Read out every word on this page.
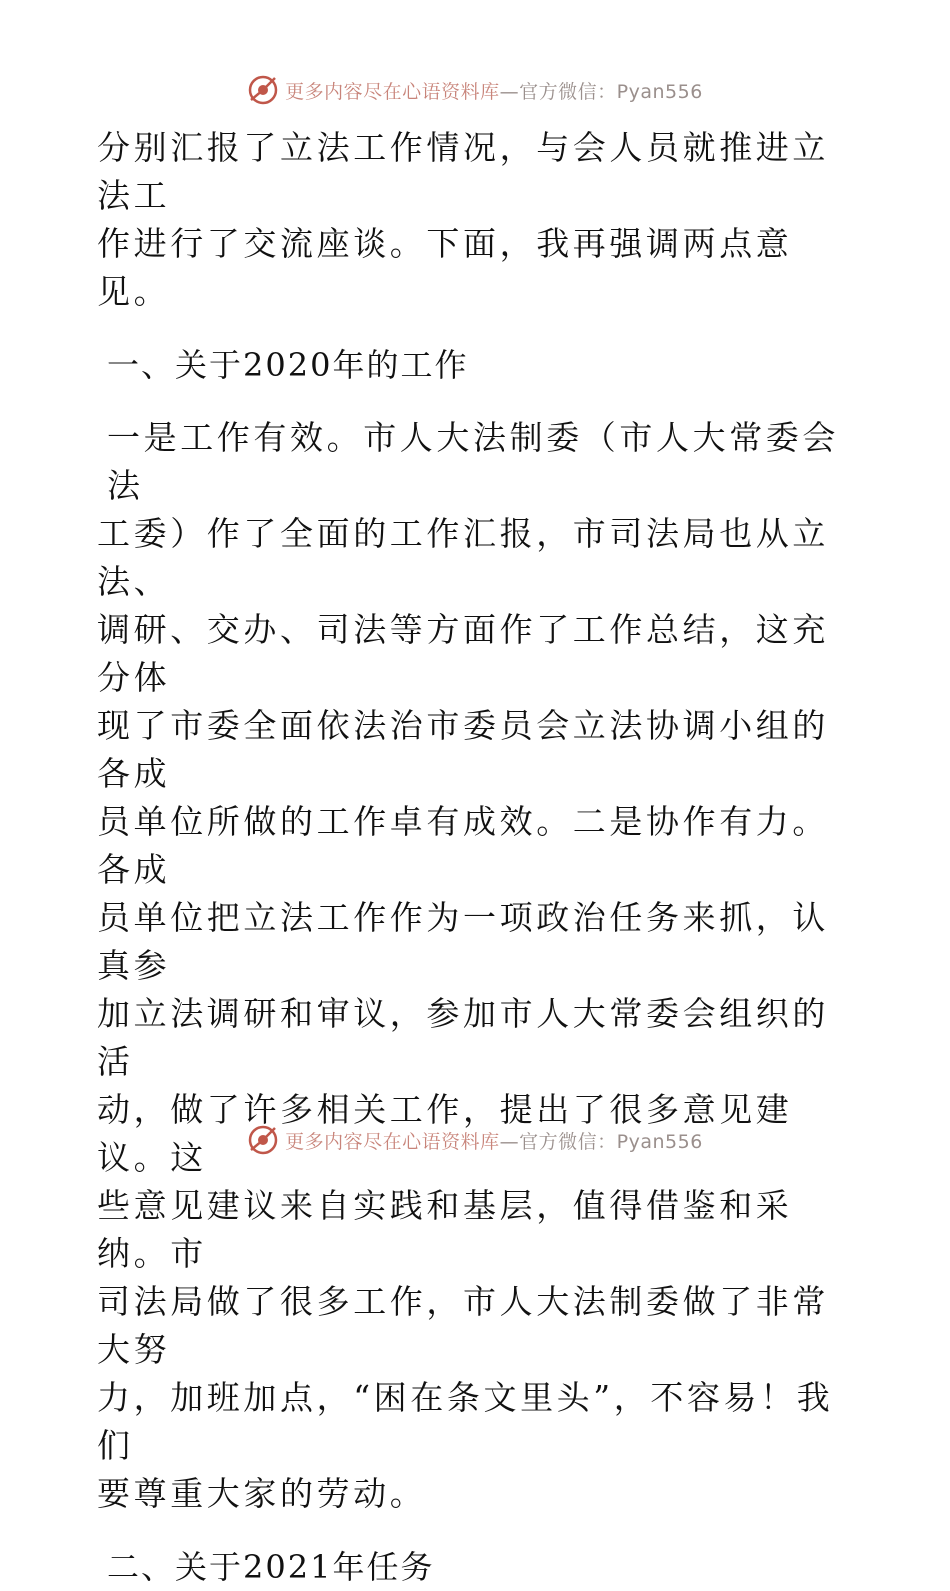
更多内容尽在心语资料库—官方微信：Pyan556

分别汇报了立法工作情况，与会人员就推进立法工

作进行了交流座谈。下面，我再强调两点意见。

一、关于2020年的工作

一是工作有效。市人大法制委（市人大常委会法

工委）作了全面的工作汇报，市司法局也从立法、

调研、交办、司法等方面作了工作总结，这充分体

现了市委全面依法治市委员会立法协调小组的各成

员单位所做的工作卓有成效。二是协作有力。各成

员单位把立法工作作为一项政治任务来抓，认真参

加立法调研和审议，参加市人大常委会组织的活

动，做了许多相关工作，提出了很多意见建议。这

些意见建议来自实践和基层，值得借鉴和采纳。市

司法局做了很多工作，市人大法制委做了非常大努

力，加班加点，“困在条文里头”，不容易！我们

要尊重大家的劳动。

二、关于2021年任务

更多内容尽在心语资料库—官方微信：Pyan556
